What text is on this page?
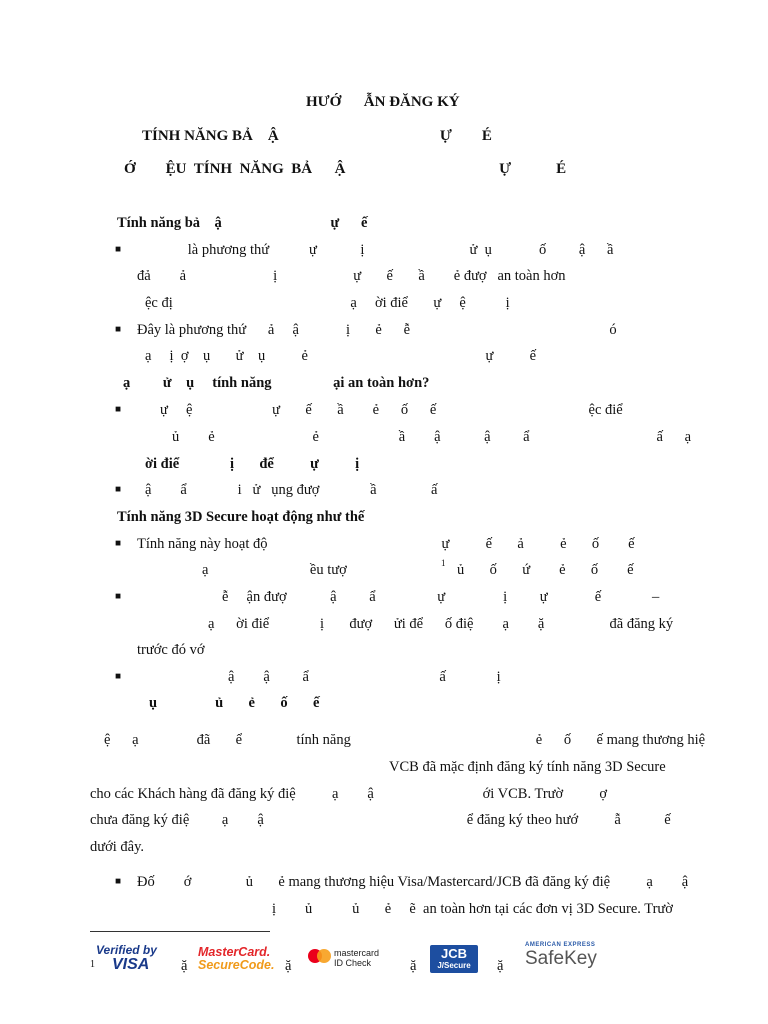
HƯỚ      ẪN ĐĂNG KÝ
TÍNH NĂNG BẢ    Ậ                                           Ự        É
Ớ        ỆU  TÍNH  NĂNG  BẢ      Ậ                                         Ự            É
Tính năng bả    ậ                              ự      ế
■ là phương thứ           ự            ị                             ử  ụ             ố         ậ      ầ
đả        ả                        ị                     ự       ế       ầ        ẻ đượ   an toàn hơn
ệc đị                                                 ạ     ời điể       ự     ệ           ị
■ Đây là phương thứ      ả     ậ             ị       ẻ      ễ                                                       ó
ạ     ị  ợ    ụ       ử    ụ          ẻ                                                 ự          ế
ạ         ử    ụ     tính năng                 ại an toàn hơn?
■	ự     ệ                      ự       ế       ầ        ẻ      ố      ế                                          ệc điể
ủ        ẻ                           ẻ                      ầ        ậ            ậ         ẩ                                   ấ      ạ
ời điể              ị       để          ự          ị
■ ậ        ẩ              i   ử   ụng đượ              ầ               ấ
Tính năng 3D Secure hoạt động như thế
■ Tính năng này hoạt độ                                                ự          ế       ả          ẻ       ố        ế
ạ                            ều tượ	1 ủ       ố       ứ        ẻ       ố        ế
■	ễ     ận đượ            ậ         ẩ                 ự                ị         ự             ế              –
ạ      ời điể              ị       đượ      ửi để      ố điệ        ạ        ặ                  đã đăng ký
trước đó vớ
■	ậ        ậ         ẩ                                    ấ              ị
ụ                ủ       ẻ       ố       ế
ệ      ạ                đã       ể               tính năng                                                   ẻ      ố       ế mang thương hiệ
VCB đã mặc định đăng ký tính năng 3D Secure
cho các Khách hàng đã đăng ký điệ          ạ        ậ                              ới VCB. Trườ          ợ
chưa đăng ký điệ         ạ        ậ                                                        ể đăng ký theo hướ          ẫ            ế
dưới đây.
■ Đố        ớ               ủ       ẻ mang thương hiệu Visa/Mastercard/JCB đã đăng ký điệ          ạ        ậ
ị        ủ           ủ       ẻ     ẽ  an toàn hơn tại các đơn vị 3D Secure. Trườ
1
Verified by
VISA	ặ
MasterCard.
SecureCode. ặ
mastercard
ID Check	ặ
JCB
J/Secure	ặ
AMERICAN EXPRESS
SafeKey
